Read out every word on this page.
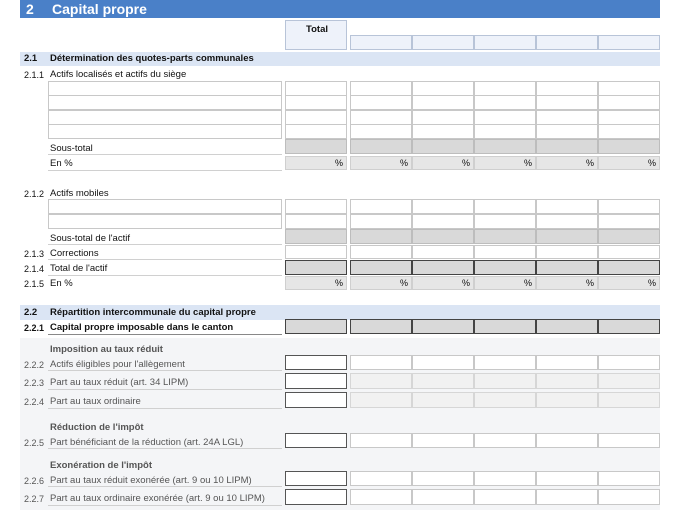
2 Capital propre
Total
2.1 Détermination des quotes-parts communales
2.1.1 Actifs localisés et actifs du siège
Sous-total
En %	%	%	%	%	%	%
2.1.2 Actifs mobiles
Sous-total de l'actif
2.1.3 Corrections
2.1.4 Total de l'actif
2.1.5 En %	%	%	%	%	%	%
2.2 Répartition intercommunale du capital propre
2.2.1 Capital propre imposable dans le canton
Imposition au taux réduit
2.2.2 Actifs éligibles pour l'allègement
2.2.3 Part au taux réduit (art. 34 LIPM)
2.2.4 Part au taux ordinaire
Réduction de l'impôt
2.2.5 Part bénéficiant de la réduction (art. 24A LGL)
Exonération de l'impôt
2.2.6 Part au taux réduit exonérée (art. 9 ou 10 LIPM)
2.2.7 Part au taux ordinaire exonérée (art. 9 ou 10 LIPM)
